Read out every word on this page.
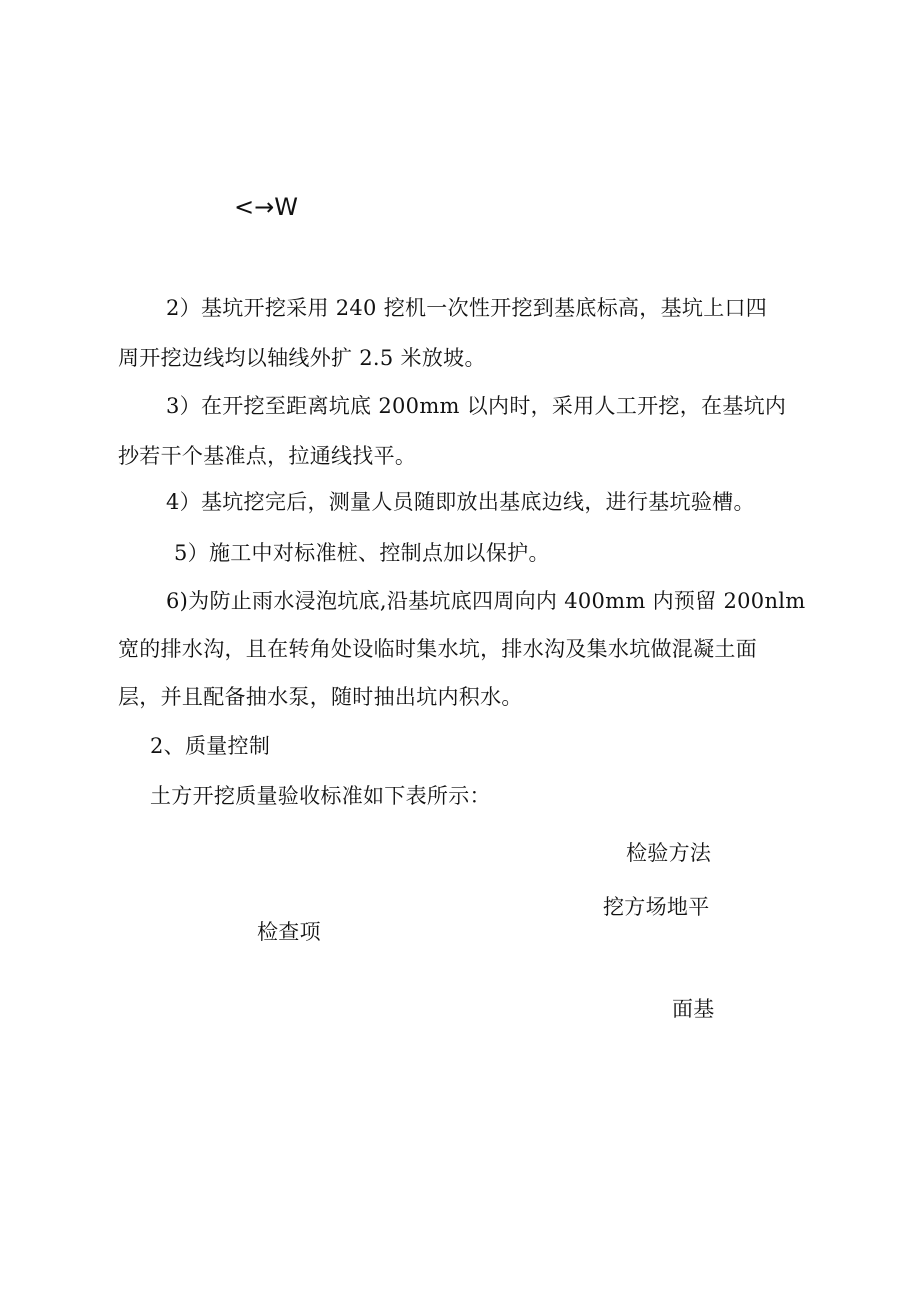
<→W
2）基坑开挖采用 240 挖机一次性开挖到基底标高，基坑上口四
周开挖边线均以轴线外扩 2.5 米放坡。
3）在开挖至距离坑底 200mm 以内时，采用人工开挖，在基坑内
抄若干个基准点，拉通线找平。
4）基坑挖完后，测量人员随即放出基底边线，进行基坑验槽。
5）施工中对标准桩、控制点加以保护。
6)为防止雨水浸泡坑底,沿基坑底四周向内 400mm 内预留 200nlm
宽的排水沟，且在转角处设临时集水坑，排水沟及集水坑做混凝土面
层，并且配备抽水泵，随时抽出坑内积水。
2、质量控制
土方开挖质量验收标准如下表所示：
检验方法
挖方场地平
检查项
面基
